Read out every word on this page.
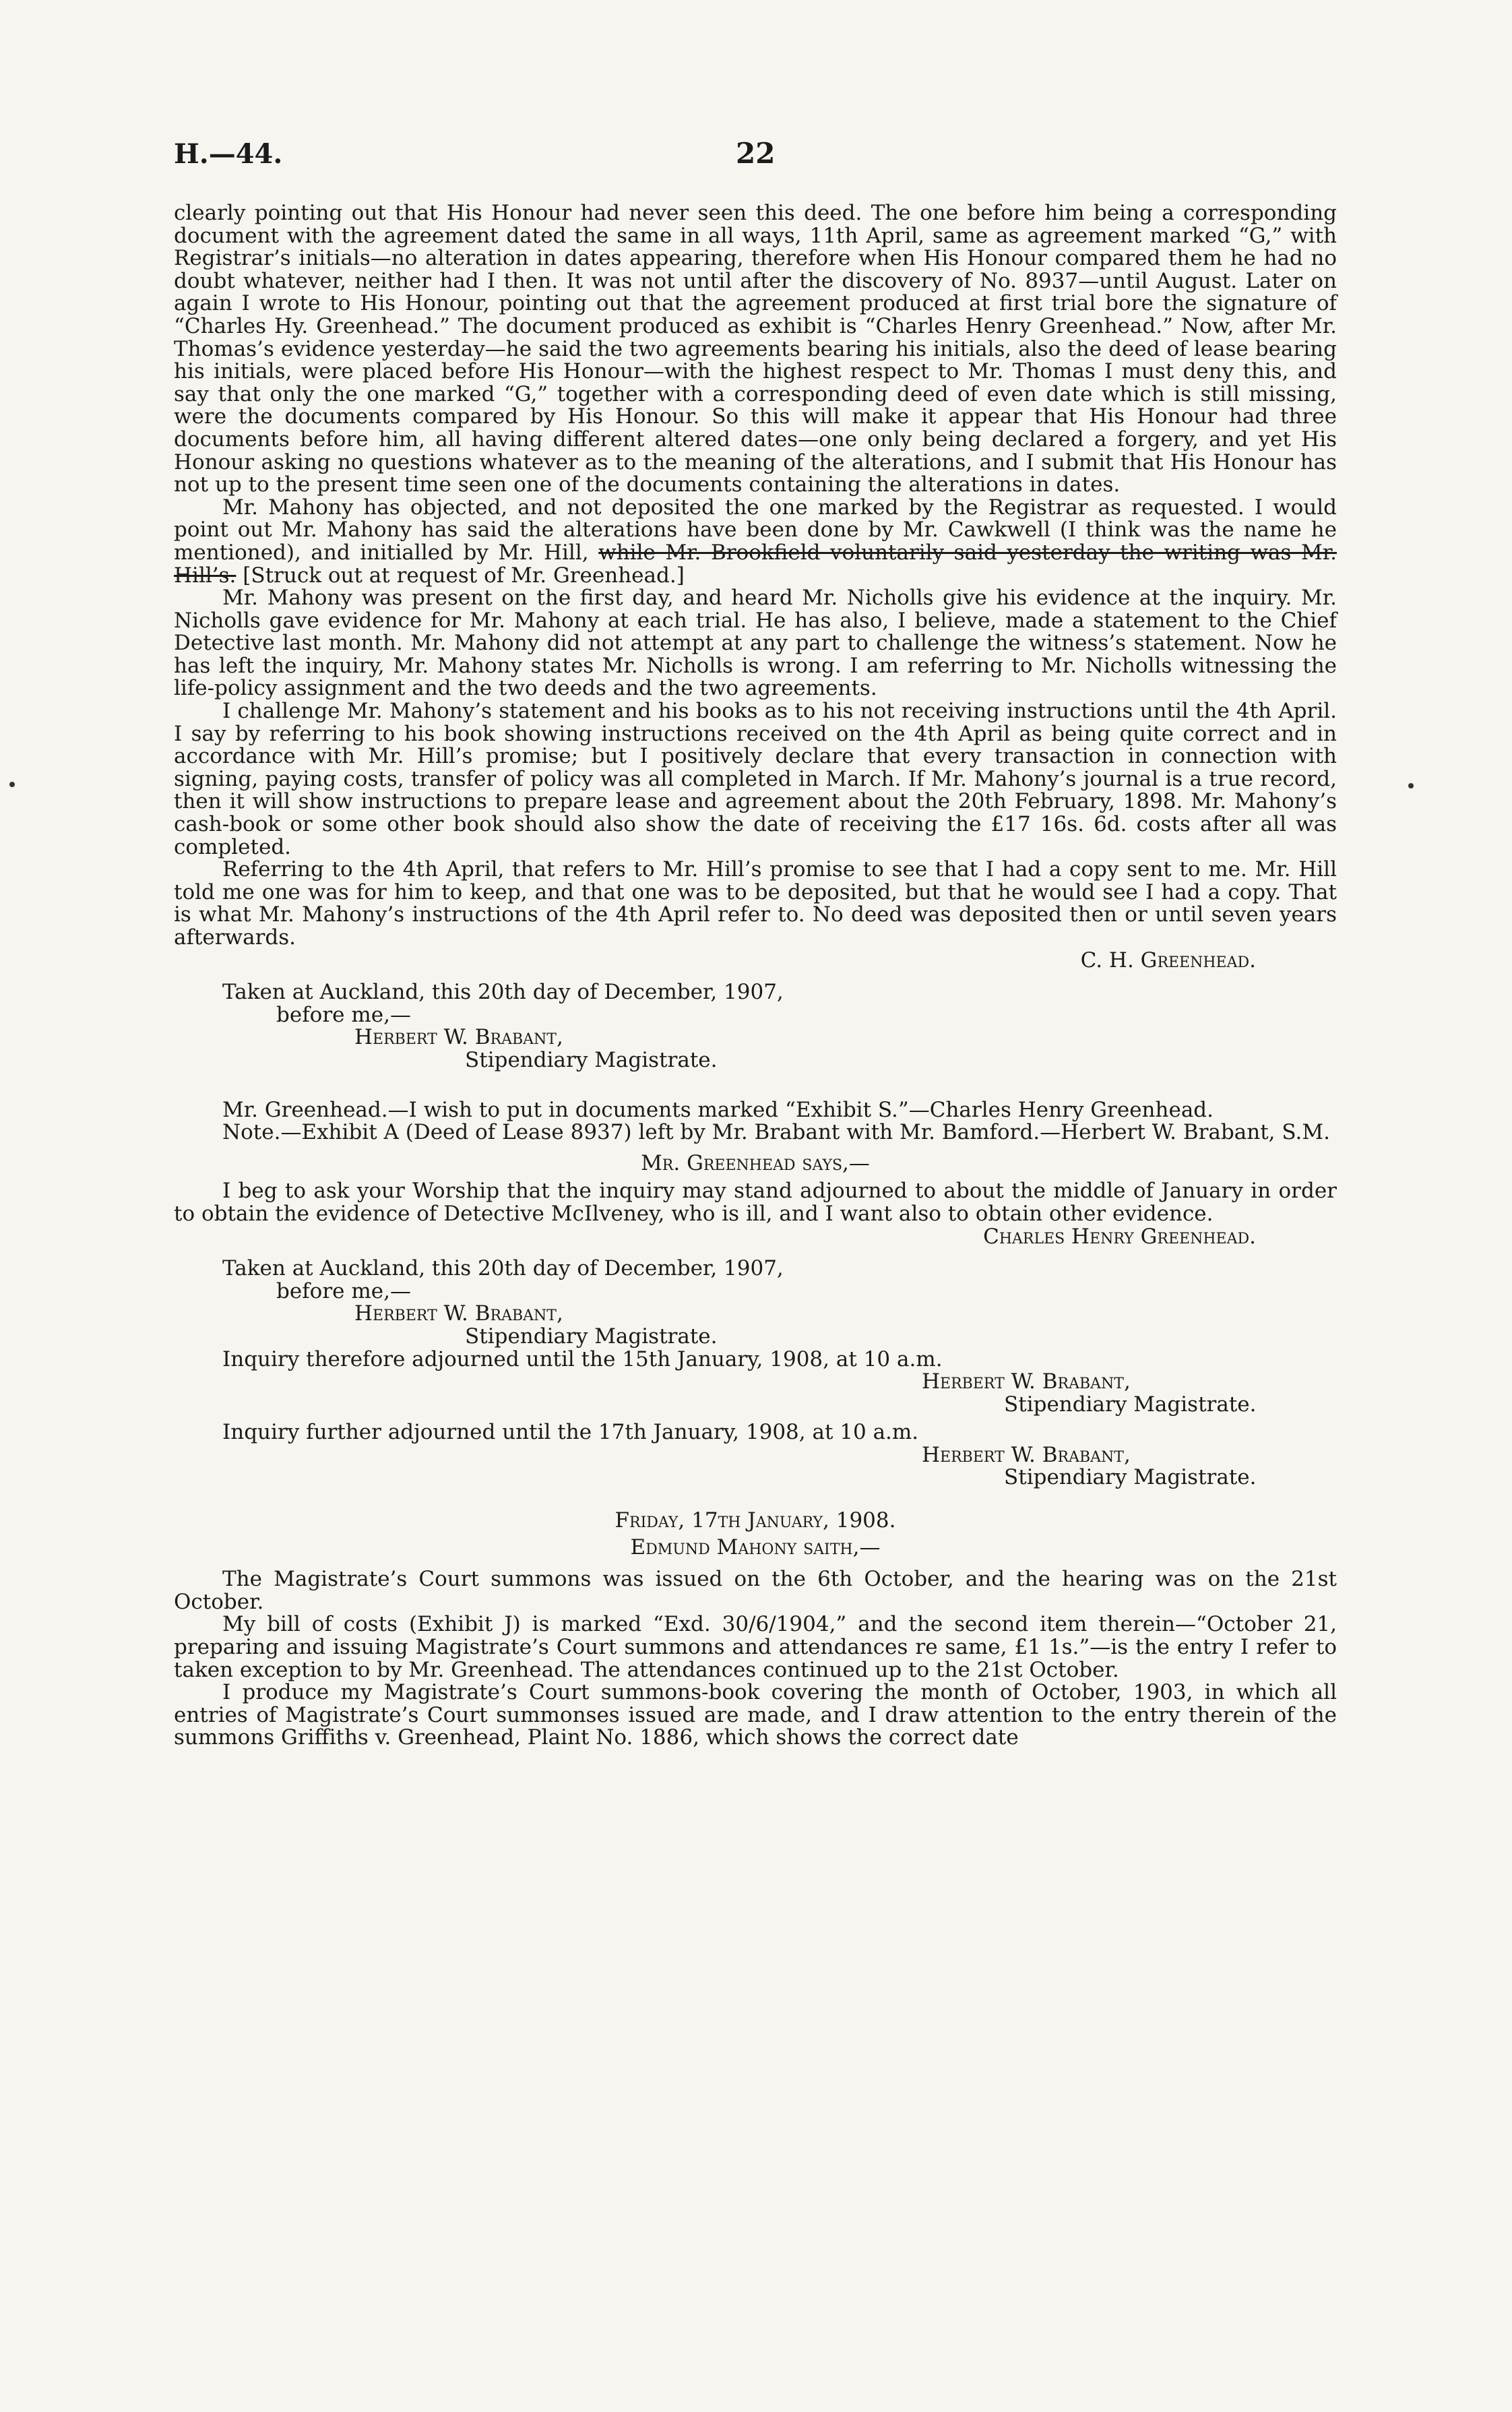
H.—44.	22

clearly pointing out that His Honour had never seen this deed. The one before him being a corresponding document with the agreement dated the same in all ways, 11th April, same as agreement marked “G,” with Registrar’s initials—no alteration in dates appearing, therefore when His Honour compared them he had no doubt whatever, neither had I then. It was not until after the discovery of No. 8937—until August. Later on again I wrote to His Honour, pointing out that the agreement produced at first trial bore the signature of “Charles Hy. Greenhead.” The document produced as exhibit is “Charles Henry Greenhead.” Now, after Mr. Thomas’s evidence yesterday—he said the two agreements bearing his initials, also the deed of lease bearing his initials, were placed before His Honour—with the highest respect to Mr. Thomas I must deny this, and say that only the one marked “G,” together with a corresponding deed of even date which is still missing, were the documents compared by His Honour. So this will make it appear that His Honour had three documents before him, all having different altered dates—one only being declared a forgery, and yet His Honour asking no questions whatever as to the meaning of the alterations, and I submit that His Honour has not up to the present time seen one of the documents containing the alterations in dates.

Mr. Mahony has objected, and not deposited the one marked by the Registrar as requested. I would point out Mr. Mahony has said the alterations have been done by Mr. Cawkwell (I think was the name he mentioned), and initialled by Mr. Hill, while Mr. Brookfield voluntarily said yesterday the writing was Mr. Hill’s. [Struck out at request of Mr. Greenhead.]

Mr. Mahony was present on the first day, and heard Mr. Nicholls give his evidence at the inquiry. Mr. Nicholls gave evidence for Mr. Mahony at each trial. He has also, I believe, made a statement to the Chief Detective last month. Mr. Mahony did not attempt at any part to challenge the witness’s statement. Now he has left the inquiry, Mr. Mahony states Mr. Nicholls is wrong. I am referring to Mr. Nicholls witnessing the life-policy assignment and the two deeds and the two agreements.

I challenge Mr. Mahony’s statement and his books as to his not receiving instructions until the 4th April. I say by referring to his book showing instructions received on the 4th April as being quite correct and in accordance with Mr. Hill’s promise; but I positively declare that every transaction in connection with signing, paying costs, transfer of policy was all completed in March. If Mr. Mahony’s journal is a true record, then it will show instructions to prepare lease and agreement about the 20th February, 1898. Mr. Mahony’s cash-book or some other book should also show the date of receiving the £17 16s. 6d. costs after all was completed.

Referring to the 4th April, that refers to Mr. Hill’s promise to see that I had a copy sent to me. Mr. Hill told me one was for him to keep, and that one was to be deposited, but that he would see I had a copy. That is what Mr. Mahony’s instructions of the 4th April refer to. No deed was deposited then or until seven years afterwards.

C. H. Greenhead.
Taken at Auckland, this 20th day of December, 1907,
before me,—
Herbert W. Brabant,
Stipendiary Magistrate.

Mr. Greenhead.—I wish to put in documents marked “Exhibit S.”—Charles Henry Greenhead.

Note.—Exhibit A (Deed of Lease 8937) left by Mr. Brabant with Mr. Bamford.—Herbert W. Brabant, S.M.

Mr. Greenhead says,—

I beg to ask your Worship that the inquiry may stand adjourned to about the middle of January in order to obtain the evidence of Detective McIlveney, who is ill, and I want also to obtain other evidence.

Charles Henry Greenhead.
Taken at Auckland, this 20th day of December, 1907,
before me,—
Herbert W. Brabant,
Stipendiary Magistrate.
Inquiry therefore adjourned until the 15th January, 1908, at 10 a.m.
Herbert W. Brabant,
Stipendiary Magistrate.
Inquiry further adjourned until the 17th January, 1908, at 10 a.m.
Herbert W. Brabant,
Stipendiary Magistrate.
Friday, 17th January, 1908.
Edmund Mahony saith,—

The Magistrate’s Court summons was issued on the 6th October, and the hearing was on the 21st October.

My bill of costs (Exhibit J) is marked “Exd. 30/6/1904,” and the second item therein—“October 21, preparing and issuing Magistrate’s Court summons and attendances re same, £1 1s.”—is the entry I refer to taken exception to by Mr. Greenhead. The attendances continued up to the 21st October.

I produce my Magistrate’s Court summons-book covering the month of October, 1903, in which all entries of Magistrate’s Court summonses issued are made, and I draw attention to the entry therein of the summons Griffiths v. Greenhead, Plaint No. 1886, which shows the correct date
